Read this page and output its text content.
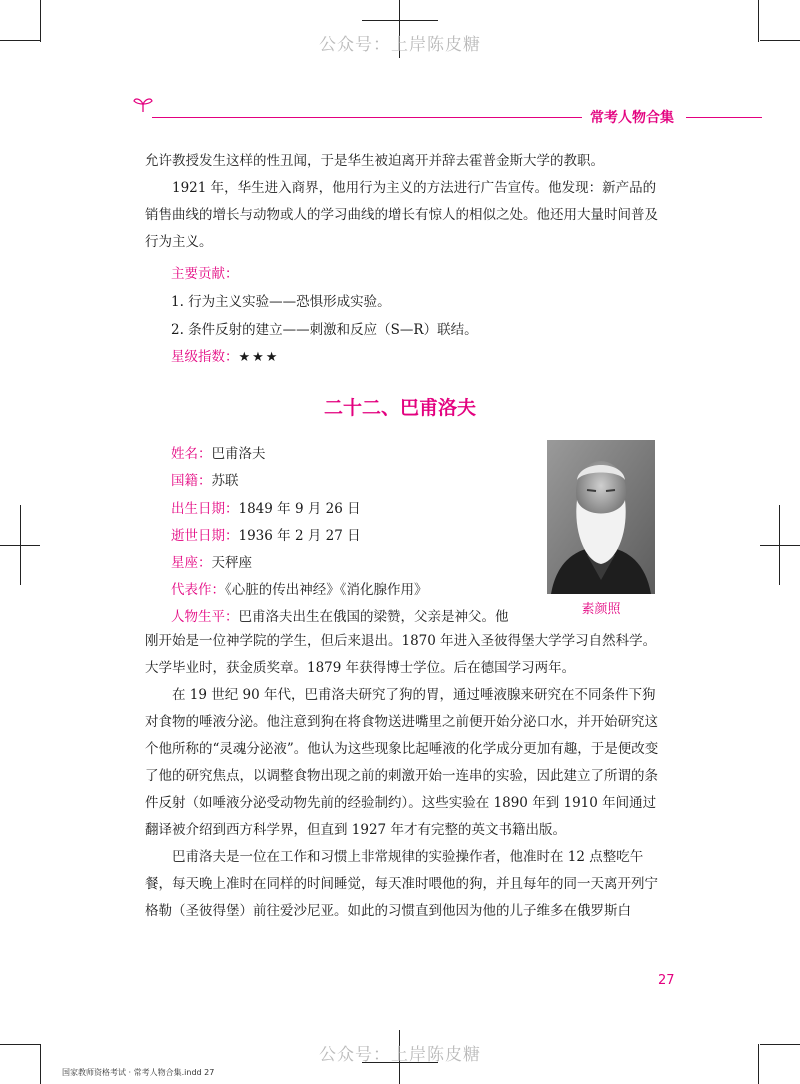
公众号：上岸陈皮糖
公众号：上岸陈皮糖
常考人物合集

允许教授发生这样的性丑闻，于是华生被迫离开并辞去霍普金斯大学的教职。

1921 年，华生进入商界，他用行为主义的方法进行广告宣传。他发现：新产品的销售曲线的增长与动物或人的学习曲线的增长有惊人的相似之处。他还用大量时间普及行为主义。

主要贡献：
1. 行为主义实验——恐惧形成实验。
2. 条件反射的建立——刺激和反应（S—R）联结。
星级指数：★★★
二十二、巴甫洛夫
姓名：巴甫洛夫
国籍：苏联
出生日期：1849 年 9 月 26 日
逝世日期：1936 年 2 月 27 日
星座：天秤座
代表作：《心脏的传出神经》《消化腺作用》
人物生平：巴甫洛夫出生在俄国的梁赞，父亲是神父。他	素颜照

刚开始是一位神学院的学生，但后来退出。1870 年进入圣彼得堡大学学习自然科学。大学毕业时，获金质奖章。1879 年获得博士学位。后在德国学习两年。

在 19 世纪 90 年代，巴甫洛夫研究了狗的胃，通过唾液腺来研究在不同条件下狗对食物的唾液分泌。他注意到狗在将食物送进嘴里之前便开始分泌口水，并开始研究这个他所称的“灵魂分泌液”。他认为这些现象比起唾液的化学成分更加有趣，于是便改变了他的研究焦点，以调整食物出现之前的刺激开始一连串的实验，因此建立了所谓的条件反射（如唾液分泌受动物先前的经验制约）。这些实验在 1890 年到 1910 年间通过翻译被介绍到西方科学界，但直到 1927 年才有完整的英文书籍出版。

巴甫洛夫是一位在工作和习惯上非常规律的实验操作者，他准时在 12 点整吃午餐，每天晚上准时在同样的时间睡觉，每天准时喂他的狗，并且每年的同一天离开列宁格勒（圣彼得堡）前往爱沙尼亚。如此的习惯直到他因为他的儿子维多在俄罗斯白

27
国家教师资格考试 · 常考人物合集.indd 27
